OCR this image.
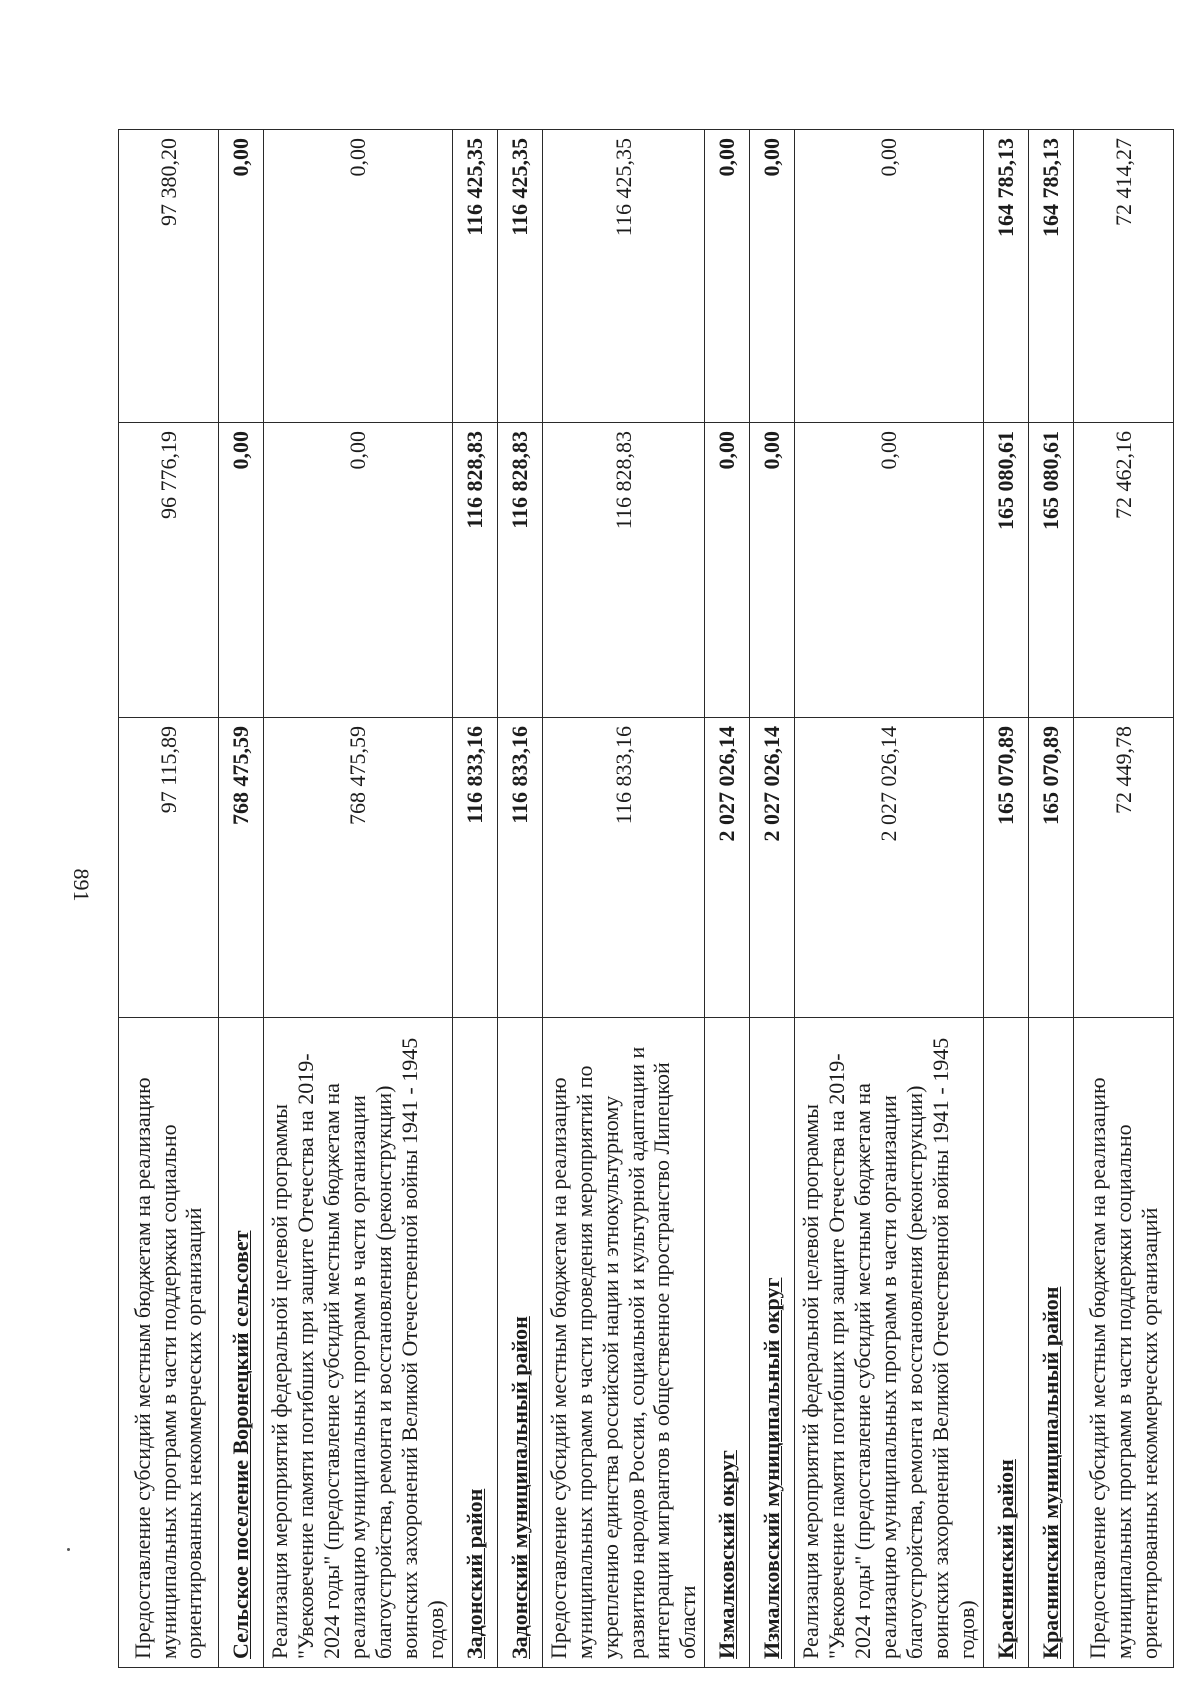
891
Предоставление субсидий местным бюджетам на реализацию муниципальных программ в части поддержки социально ориентированных некоммерческих организаций	97 115,89	96 776,19	97 380,20
Сельское поселение Воронецкий сельсовет	768 475,59	0,00	0,00
Реализация мероприятий федеральной целевой программы "Увековечение памяти погибших при защите Отечества на 2019-2024 годы" (предоставление субсидий местным бюджетам на реализацию муниципальных программ в части организации благоустройства, ремонта и восстановления (реконструкции) воинских захоронений Великой Отечественной войны 1941 - 1945 годов)	768 475,59	0,00	0,00
Задонский район	116 833,16	116 828,83	116 425,35
Задонский муниципальный район	116 833,16	116 828,83	116 425,35
Предоставление субсидий местным бюджетам на реализацию муниципальных программ в части проведения мероприятий по укреплению единства российской нации и этнокультурному развитию народов России, социальной и культурной адаптации и интеграции мигрантов в общественное пространство Липецкой области	116 833,16	116 828,83	116 425,35
Измалковский округ	2 027 026,14	0,00	0,00
Измалковский муниципальный округ	2 027 026,14	0,00	0,00
Реализация мероприятий федеральной целевой программы "Увековечение памяти погибших при защите Отечества на 2019-2024 годы" (предоставление субсидий местным бюджетам на реализацию муниципальных программ в части организации благоустройства, ремонта и восстановления (реконструкции) воинских захоронений Великой Отечественной войны 1941 - 1945 годов)	2 027 026,14	0,00	0,00
Краснинский район	165 070,89	165 080,61	164 785,13
Краснинский муниципальный район	165 070,89	165 080,61	164 785,13
Предоставление субсидий местным бюджетам на реализацию муниципальных программ в части поддержки социально ориентированных некоммерческих организаций	72 449,78	72 462,16	72 414,27
